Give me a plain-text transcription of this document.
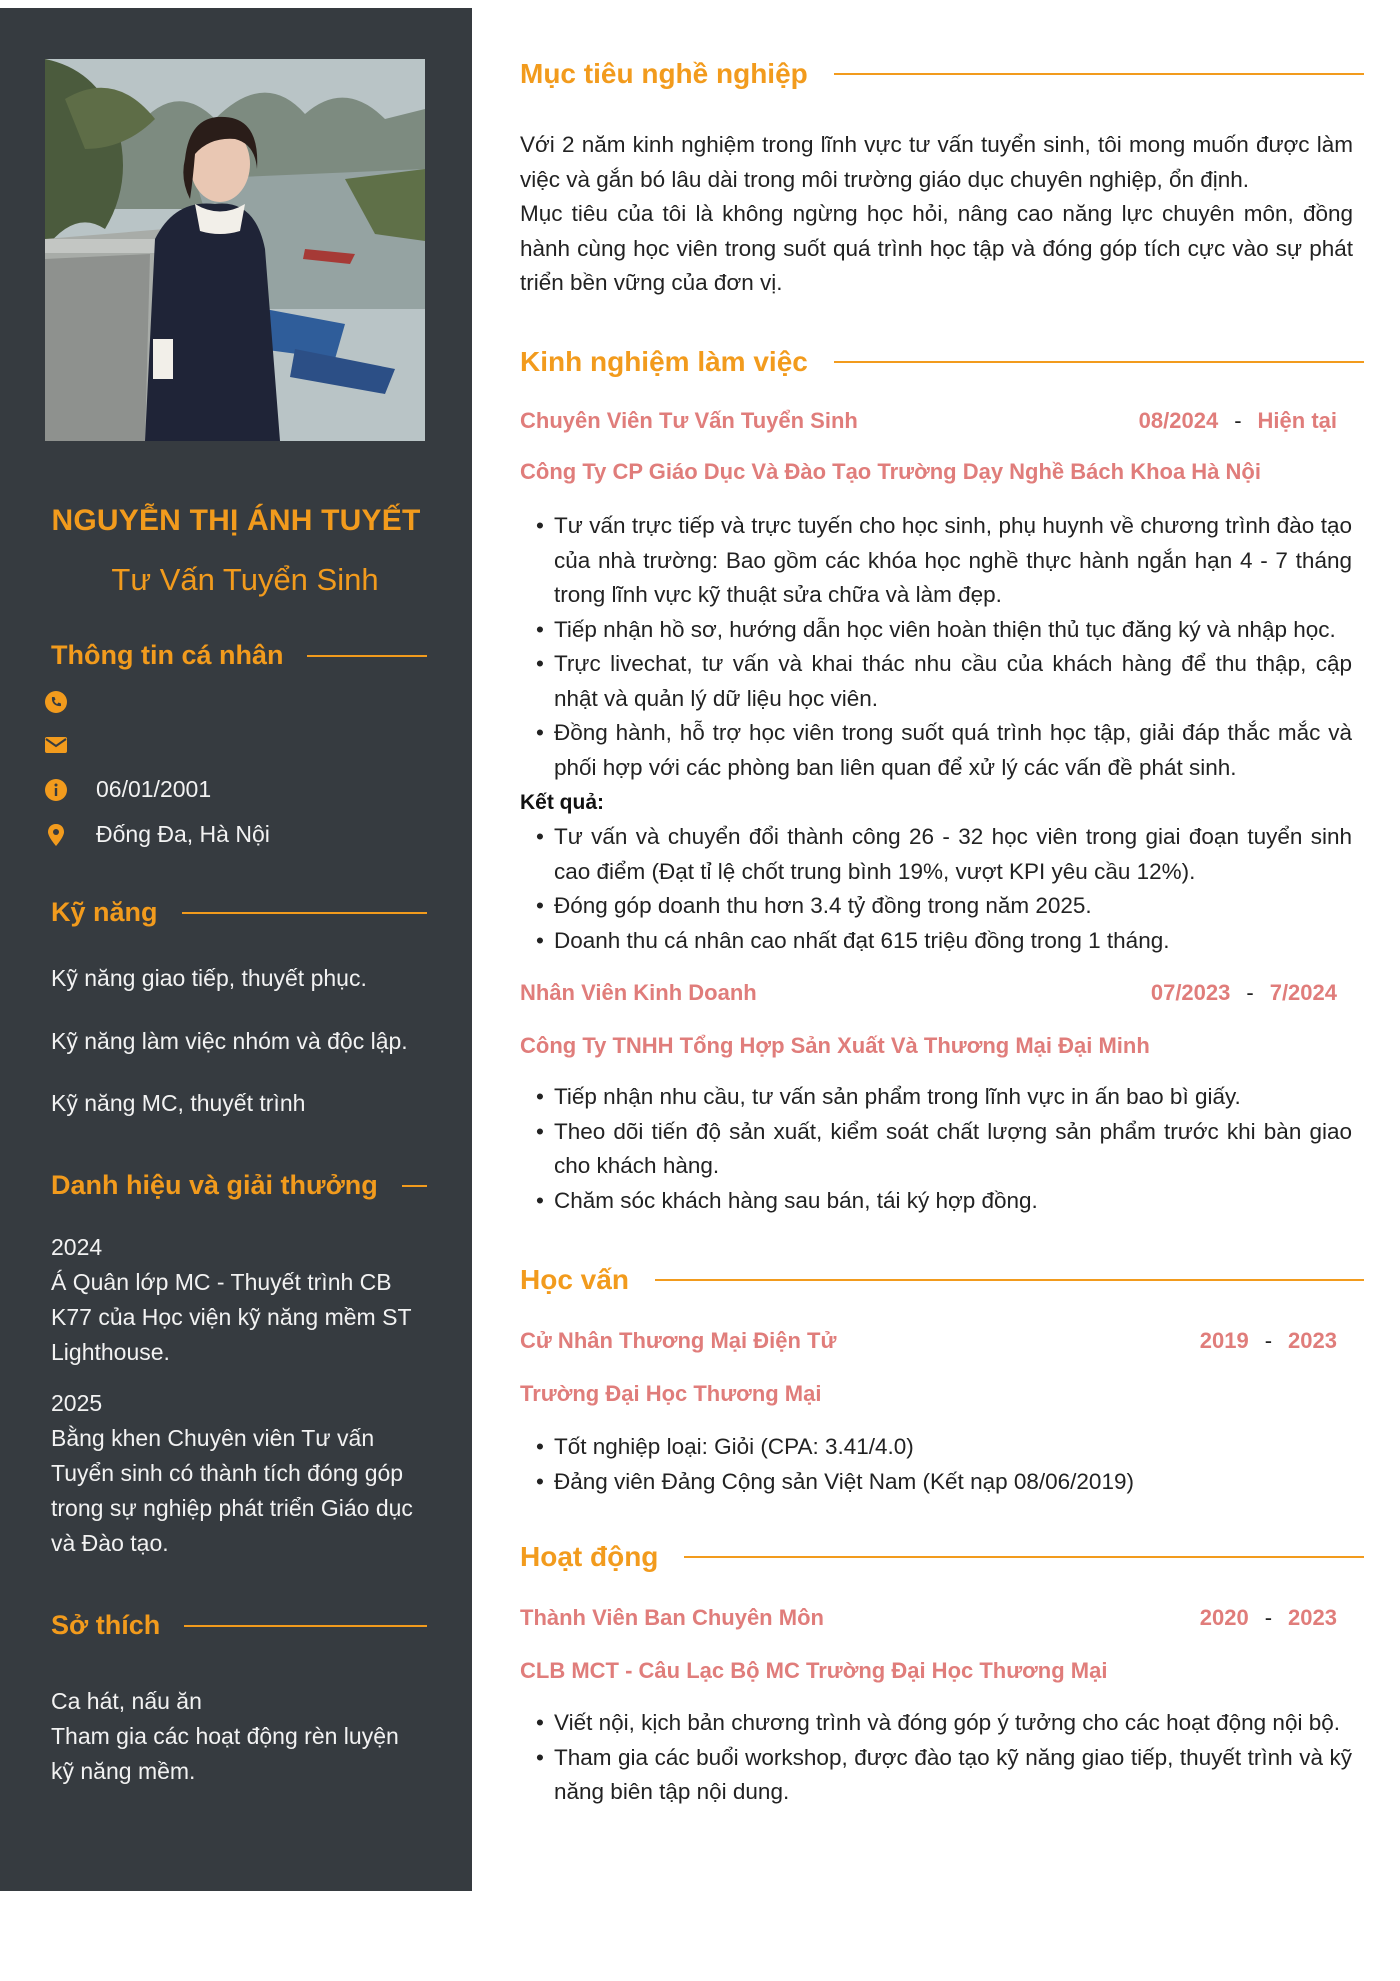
NGUYỄN THỊ ÁNH TUYẾT
Tư Vấn Tuyển Sinh
Thông tin cá nhân
06/01/2001
Đống Đa, Hà Nội
Kỹ năng
Kỹ năng giao tiếp, thuyết phục.
Kỹ năng làm việc nhóm và độc lập.
Kỹ năng MC, thuyết trình
Danh hiệu và giải thưởng
2024
Á Quân lớp MC - Thuyết trình CB K77 của Học viện kỹ năng mềm ST Lighthouse.
2025
Bằng khen Chuyên viên Tư vấn Tuyển sinh có thành tích đóng góp trong sự nghiệp phát triển Giáo dục và Đào tạo.
Sở thích
Ca hát, nấu ăn
Tham gia các hoạt động rèn luyện kỹ năng mềm.
Mục tiêu nghề nghiệp
Với 2 năm kinh nghiệm trong lĩnh vực tư vấn tuyển sinh, tôi mong muốn được làm việc và gắn bó lâu dài trong môi trường giáo dục chuyên nghiệp, ổn định.
Mục tiêu của tôi là không ngừng học hỏi, nâng cao năng lực chuyên môn, đồng hành cùng học viên trong suốt quá trình học tập và đóng góp tích cực vào sự phát triển bền vững của đơn vị.
Kinh nghiệm làm việc
Chuyên Viên Tư Vấn Tuyển Sinh	08/2024 - Hiện tại
Công Ty CP Giáo Dục Và Đào Tạo Trường Dạy Nghề Bách Khoa Hà Nội
• Tư vấn trực tiếp và trực tuyến cho học sinh, phụ huynh về chương trình đào tạo của nhà trường: Bao gồm các khóa học nghề thực hành ngắn hạn 4 - 7 tháng trong lĩnh vực kỹ thuật sửa chữa và làm đẹp.
• Tiếp nhận hồ sơ, hướng dẫn học viên hoàn thiện thủ tục đăng ký và nhập học.
• Trực livechat, tư vấn và khai thác nhu cầu của khách hàng để thu thập, cập nhật và quản lý dữ liệu học viên.
• Đồng hành, hỗ trợ học viên trong suốt quá trình học tập, giải đáp thắc mắc và phối hợp với các phòng ban liên quan để xử lý các vấn đề phát sinh.
Kết quả:
• Tư vấn và chuyển đổi thành công 26 - 32 học viên trong giai đoạn tuyển sinh cao điểm (Đạt tỉ lệ chốt trung bình 19%, vượt KPI yêu cầu 12%).
• Đóng góp doanh thu hơn 3.4 tỷ đồng trong năm 2025.
• Doanh thu cá nhân cao nhất đạt 615 triệu đồng trong 1 tháng.
Nhân Viên Kinh Doanh	07/2023 - 7/2024
Công Ty TNHH Tổng Hợp Sản Xuất Và Thương Mại Đại Minh
• Tiếp nhận nhu cầu, tư vấn sản phẩm trong lĩnh vực in ấn bao bì giấy.
• Theo dõi tiến độ sản xuất, kiểm soát chất lượng sản phẩm trước khi bàn giao cho khách hàng.
• Chăm sóc khách hàng sau bán, tái ký hợp đồng.
Học vấn
Cử Nhân Thương Mại Điện Tử	2019 - 2023
Trường Đại Học Thương Mại
• Tốt nghiệp loại: Giỏi (CPA: 3.41/4.0)
• Đảng viên Đảng Cộng sản Việt Nam (Kết nạp 08/06/2019)
Hoạt động
Thành Viên Ban Chuyên Môn	2020 - 2023
CLB MCT - Câu Lạc Bộ MC Trường Đại Học Thương Mại
• Viết nội, kịch bản chương trình và đóng góp ý tưởng cho các hoạt động nội bộ.
• Tham gia các buổi workshop, được đào tạo kỹ năng giao tiếp, thuyết trình và kỹ năng biên tập nội dung.
